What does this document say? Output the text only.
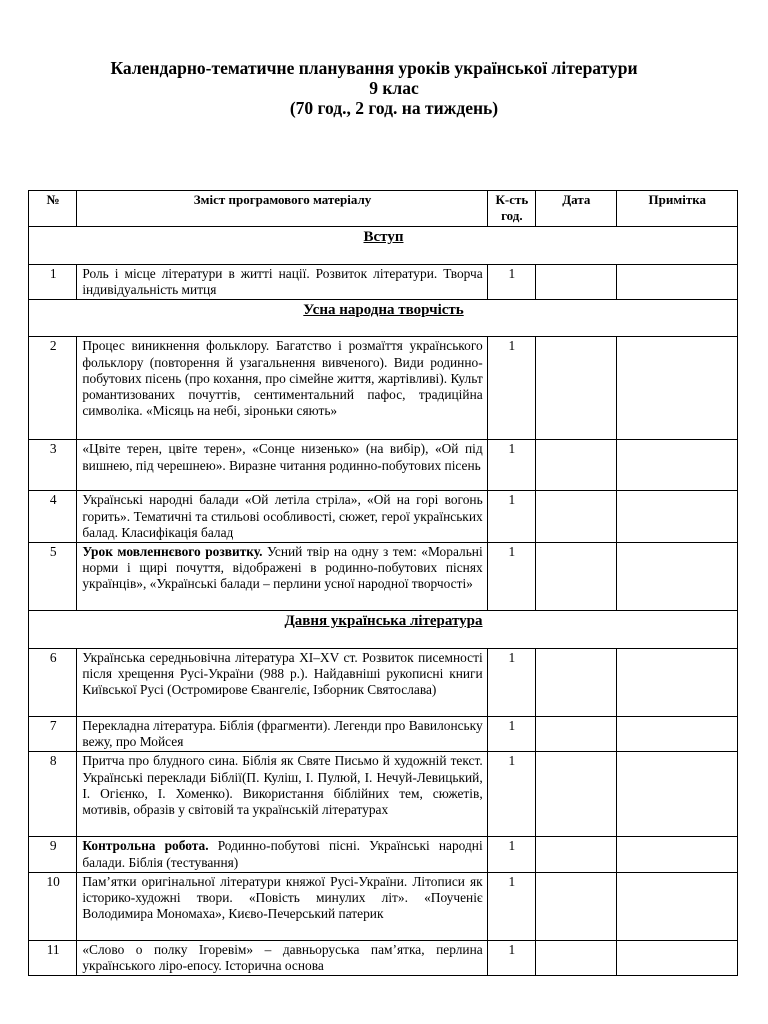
Календарно-тематичне планування уроків української літератури
9 клас
(70 год., 2 год. на тиждень)
№	Зміст програмового матеріалу	К-сть год.	Дата	Примітка
Вступ				
1	Роль і місце літератури в житті нації. Розвиток літератури. Творча індивідуальність митця	1		
Усна народна творчість				
2	Процес виникнення фольклору. Багатство і розмаїття українського фольклору (повторення й узагальнення вивченого). Види родинно-побутових пісень (про кохання, про сімейне життя, жартівливі). Культ романтизованих почуттів, сентиментальний пафос, традиційна символіка. «Місяць на небі, зіроньки сяють»	1		
3	«Цвіте терен, цвіте терен», «Сонце низенько» (на вибір), «Ой під вишнею, під черешнею». Виразне читання родинно-побутових пісень	1		
4	Українські народні балади «Ой летіла стріла», «Ой на горі вогонь горить». Тематичні та стильові особливості, сюжет, герої українських балад. Класифікація балад	1		
5	Урок мовленнєвого розвитку. Усний твір на одну з тем: «Моральні норми і щирі почуття, відображені в родинно-побутових піснях українців», «Українські балади – перлини усної народної творчості»	1		
Давня українська література				
6	Українська середньовічна література XI–XV ст. Розвиток писемності після хрещення Русі-України (988 р.). Найдавніші рукописні книги Київської Русі (Остромирове Євангеліє, Ізборник Святослава)	1		
7	Перекладна література. Біблія (фрагменти). Легенди про Вавилонську вежу, про Мойсея	1		
8	Притча про блудного сина. Біблія як Святе Письмо й художній текст. Українські переклади Біблії(П. Куліш, І. Пулюй, І. Нечуй-Левицький, І. Огієнко, І. Хоменко). Використання біблійних тем, сюжетів, мотивів, образів у світовій та українській літературах	1		
9	Контрольна робота. Родинно-побутові пісні. Українські народні балади. Біблія (тестування)	1		
10	Пам’ятки оригінальної літератури княжої Русі-України. Літописи як історико-художні твори. «Повість минулих літ». «Поученіє Володимира Мономаха», Києво-Печерський патерик	1		
11	«Слово о полку Ігоревім» – давньоруська пам’ятка, перлина українського ліро-епосу. Історична основа	1		
